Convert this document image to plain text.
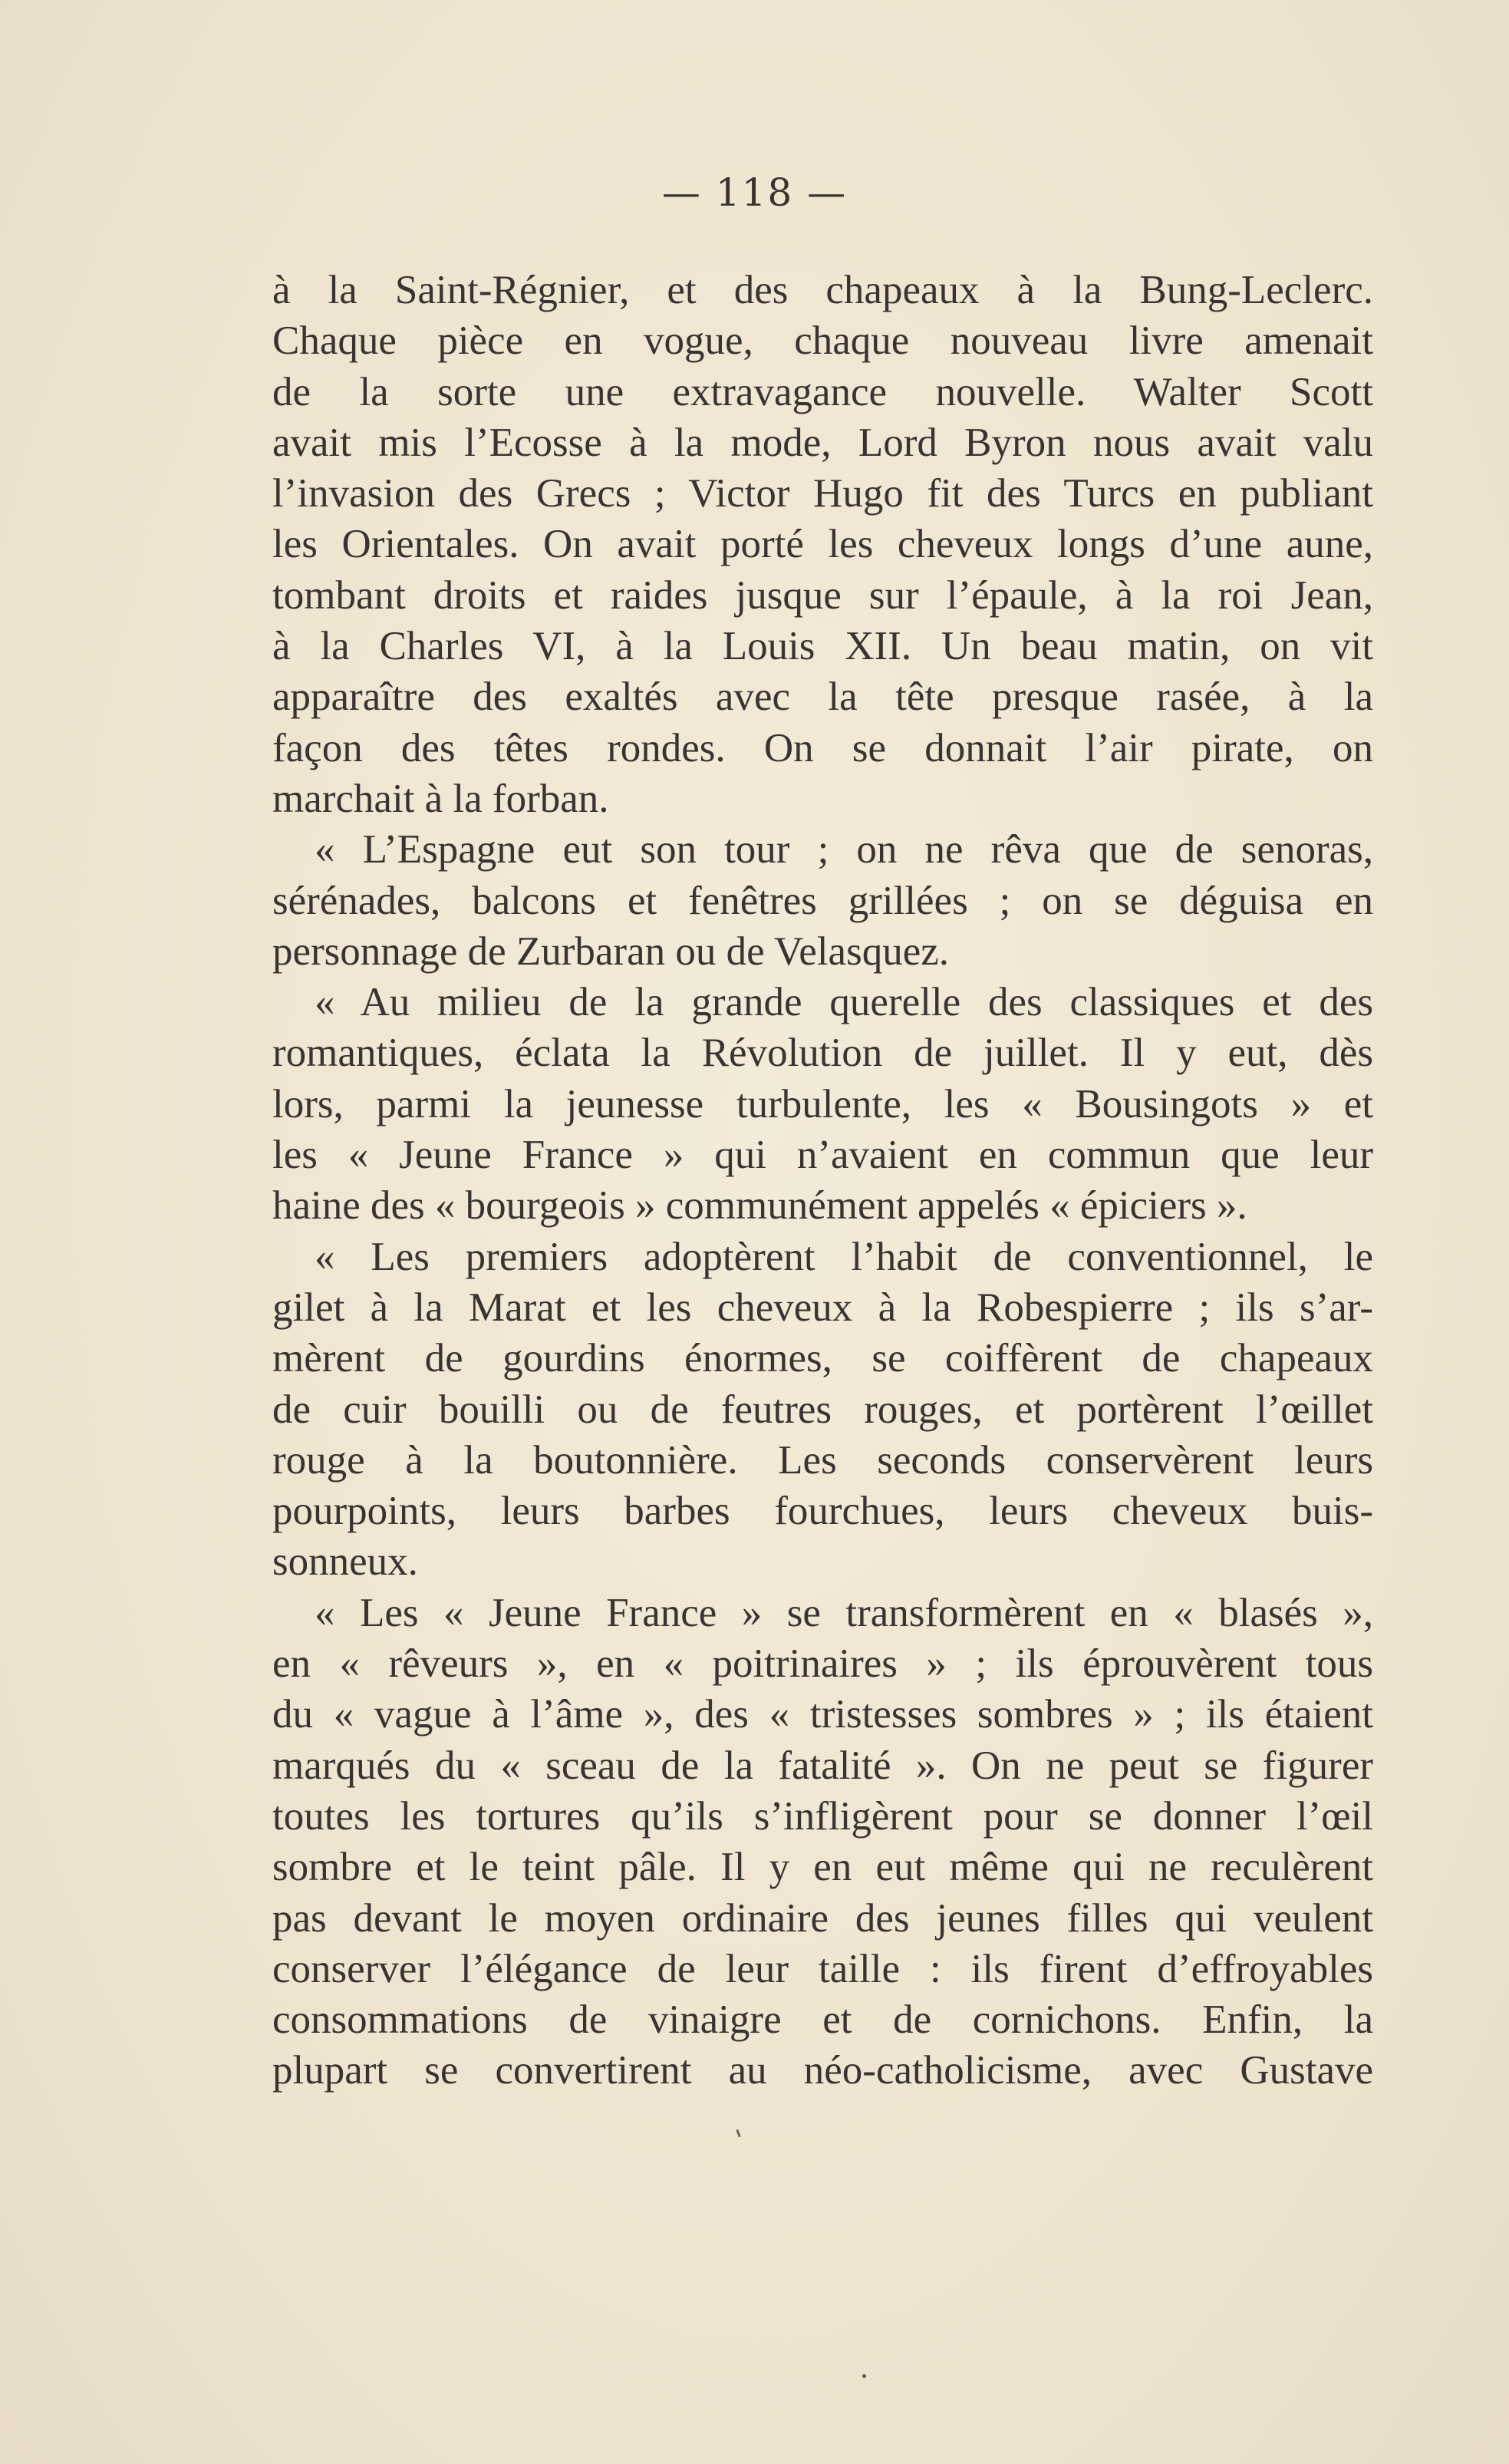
— 118 —
à la Saint-Régnier, et des chapeaux à la Bung-Leclerc.
Chaque pièce en vogue, chaque nouveau livre amenait
de la sorte une extravagance nouvelle. Walter Scott
avait mis l’Ecosse à la mode, Lord Byron nous avait valu
l’invasion des Grecs ; Victor Hugo fit des Turcs en publiant
les Orientales. On avait porté les cheveux longs d’une aune,
tombant droits et raides jusque sur l’épaule, à la roi Jean,
à la Charles VI, à la Louis XII. Un beau matin, on vit
apparaître des exaltés avec la tête presque rasée, à la
façon des têtes rondes. On se donnait l’air pirate, on
marchait à la forban.
« L’Espagne eut son tour ; on ne rêva que de senoras,
sérénades, balcons et fenêtres grillées ; on se déguisa en
personnage de Zurbaran ou de Velasquez.
« Au milieu de la grande querelle des classiques et des
romantiques, éclata la Révolution de juillet. Il y eut, dès
lors, parmi la jeunesse turbulente, les « Bousingots » et
les « Jeune France » qui n’avaient en commun que leur
haine des « bourgeois » communément appelés « épiciers ».
« Les premiers adoptèrent l’habit de conventionnel, le
gilet à la Marat et les cheveux à la Robespierre ; ils s’ar-
mèrent de gourdins énormes, se coiffèrent de chapeaux
de cuir bouilli ou de feutres rouges, et portèrent l’œillet
rouge à la boutonnière. Les seconds conservèrent leurs
pourpoints, leurs barbes fourchues, leurs cheveux buis-
sonneux.
« Les « Jeune France » se transformèrent en « blasés »,
en « rêveurs », en « poitrinaires » ; ils éprouvèrent tous
du « vague à l’âme », des « tristesses sombres » ; ils étaient
marqués du « sceau de la fatalité ». On ne peut se figurer
toutes les tortures qu’ils s’infligèrent pour se donner l’œil
sombre et le teint pâle. Il y en eut même qui ne reculèrent
pas devant le moyen ordinaire des jeunes filles qui veulent
conserver l’élégance de leur taille : ils firent d’effroyables
consommations de vinaigre et de cornichons. Enfin, la
plupart se convertirent au néo-catholicisme, avec Gustave
